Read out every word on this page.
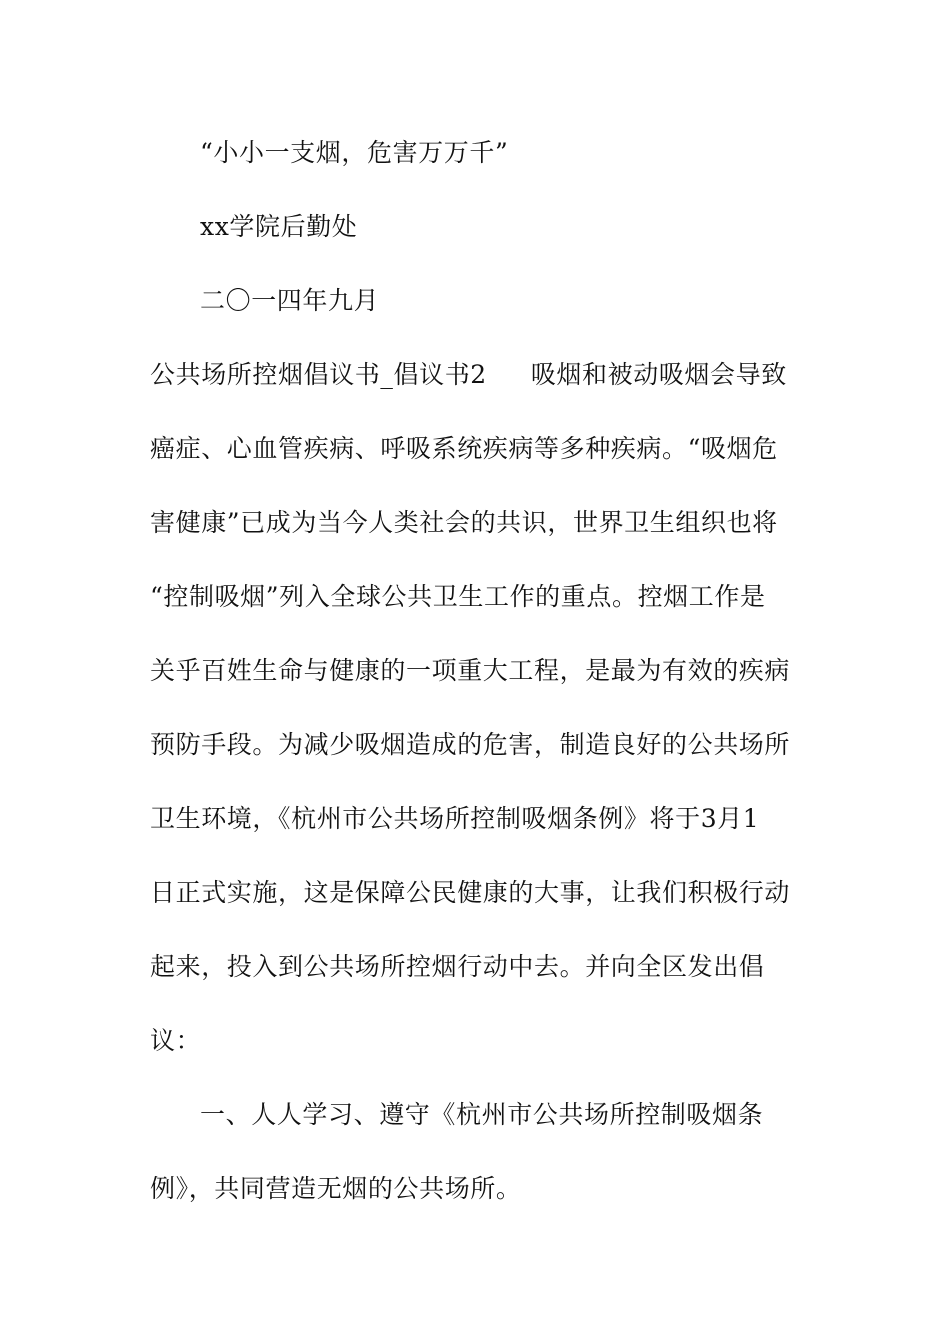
“小小一支烟，危害万万千”
xx学院后勤处
二〇一四年九月
公共场所控烟倡议书_倡议书2 吸烟和被动吸烟会导致
癌症、心血管疾病、呼吸系统疾病等多种疾病。“吸烟危
害健康”已成为当今人类社会的共识，世界卫生组织也将
“控制吸烟”列入全球公共卫生工作的重点。控烟工作是
关乎百姓生命与健康的一项重大工程，是最为有效的疾病
预防手段。为减少吸烟造成的危害，制造良好的公共场所
卫生环境，《杭州市公共场所控制吸烟条例》将于3月1
日正式实施，这是保障公民健康的大事，让我们积极行动
起来，投入到公共场所控烟行动中去。并向全区发出倡
议：
一、人人学习、遵守《杭州市公共场所控制吸烟条
例》，共同营造无烟的公共场所。
